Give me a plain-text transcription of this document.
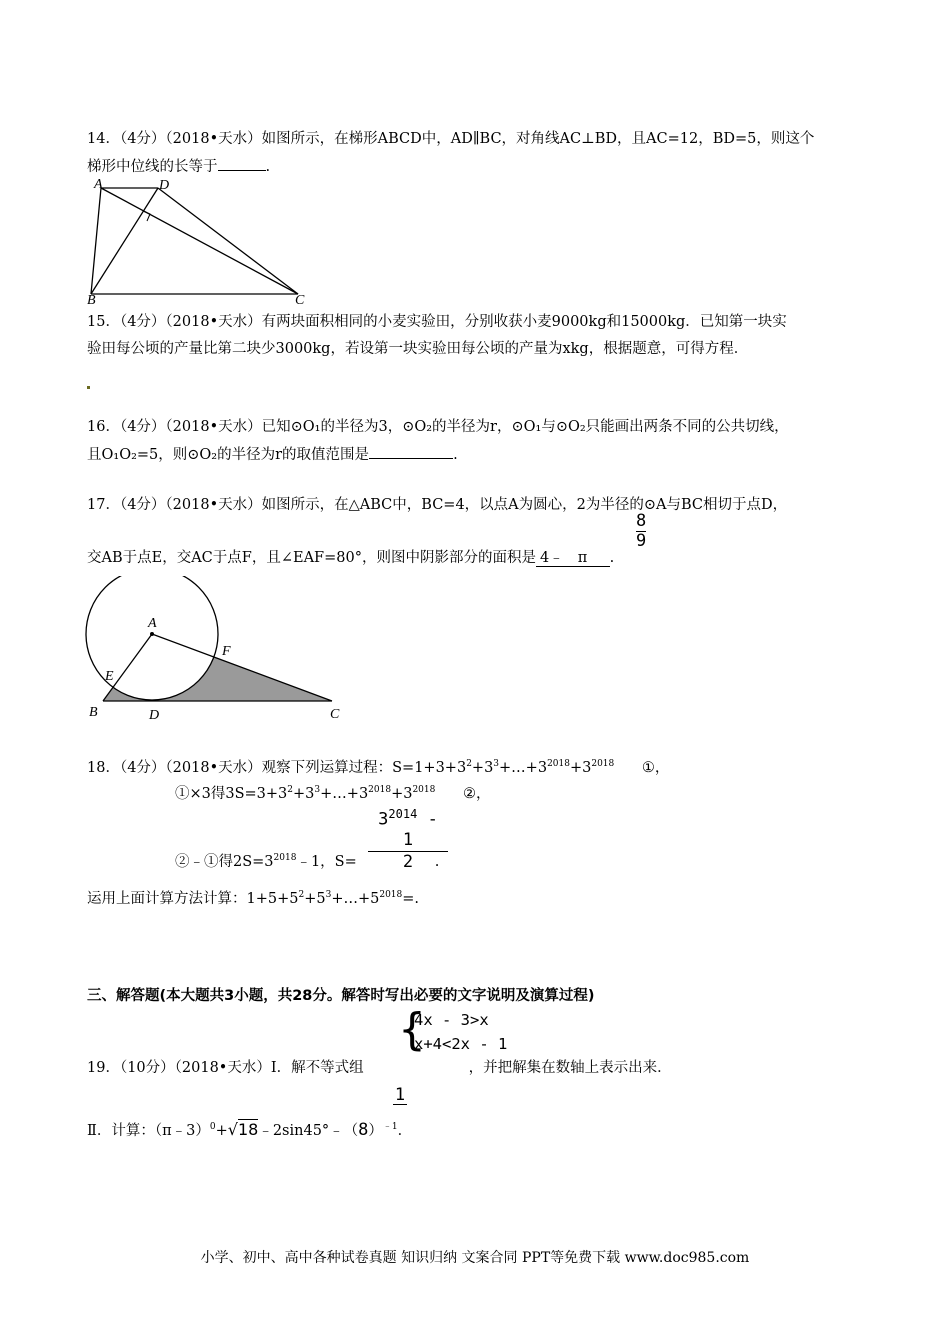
14．（4分）（2018•天水）如图所示，在梯形ABCD中，AD∥BC，对角线AC⊥BD，且AC=12，BD=5，则这个
梯形中位线的长等于	.
A	D
B	C
15．（4分）（2018•天水）有两块面积相同的小麦实验田，分别收获小麦9000kg和15000kg．已知第一块实
验田每公顷的产量比第二块少3000kg，若设第一块实验田每公顷的产量为xkg，根据题意，可得方程．
16．（4分）（2018•天水）已知⊙O₁的半径为3，⊙O₂的半径为r，⊙O₁与⊙O₂只能画出两条不同的公共切线，
且O₁O₂=5，则⊙O₂的半径为r的取值范围是	.
17．（4分）（2018•天水）如图所示，在△ABC中，BC=4，以点A为圆心，2为半径的⊙A与BC相切于点D，
8
9
交AB于点E，交AC于点F，且∠EAF=80°，则图中阴影部分的面积是 4﹣ π .
A
E
F
B	D	C
18．（4分）（2018•天水）观察下列运算过程：$S=1+3+3^2+3^3+\dots+3^{2018}+3^{2018}$ ①，
①×3得$3S=3+3^2+3^3+\dots+3^{2018}+3^{2018}$ ②，
$3^{2014} - 1$
2
②﹣①得$2S=3^{2018}﹣1$，S=	.
运用上面计算方法计算：$1+5+5^2+5^3+\dots+5^{2018}=$.
三、解答题(本大题共3小题，共28分。解答时写出必要的文字说明及演算过程)
{
4x - 3>x
x+4<2x - 1
19．（10分）（2018•天水）Ⅰ．解不等式组	，并把解集在数轴上表示出来．
1
Ⅱ．计算：$(\pi﹣3)^0+√18﹣2\sin 45^\circ﹣(8)^{﹣1}$．
小学、初中、高中各种试卷真题 知识归纳 文案合同 PPT等免费下载 www.doc985.com
